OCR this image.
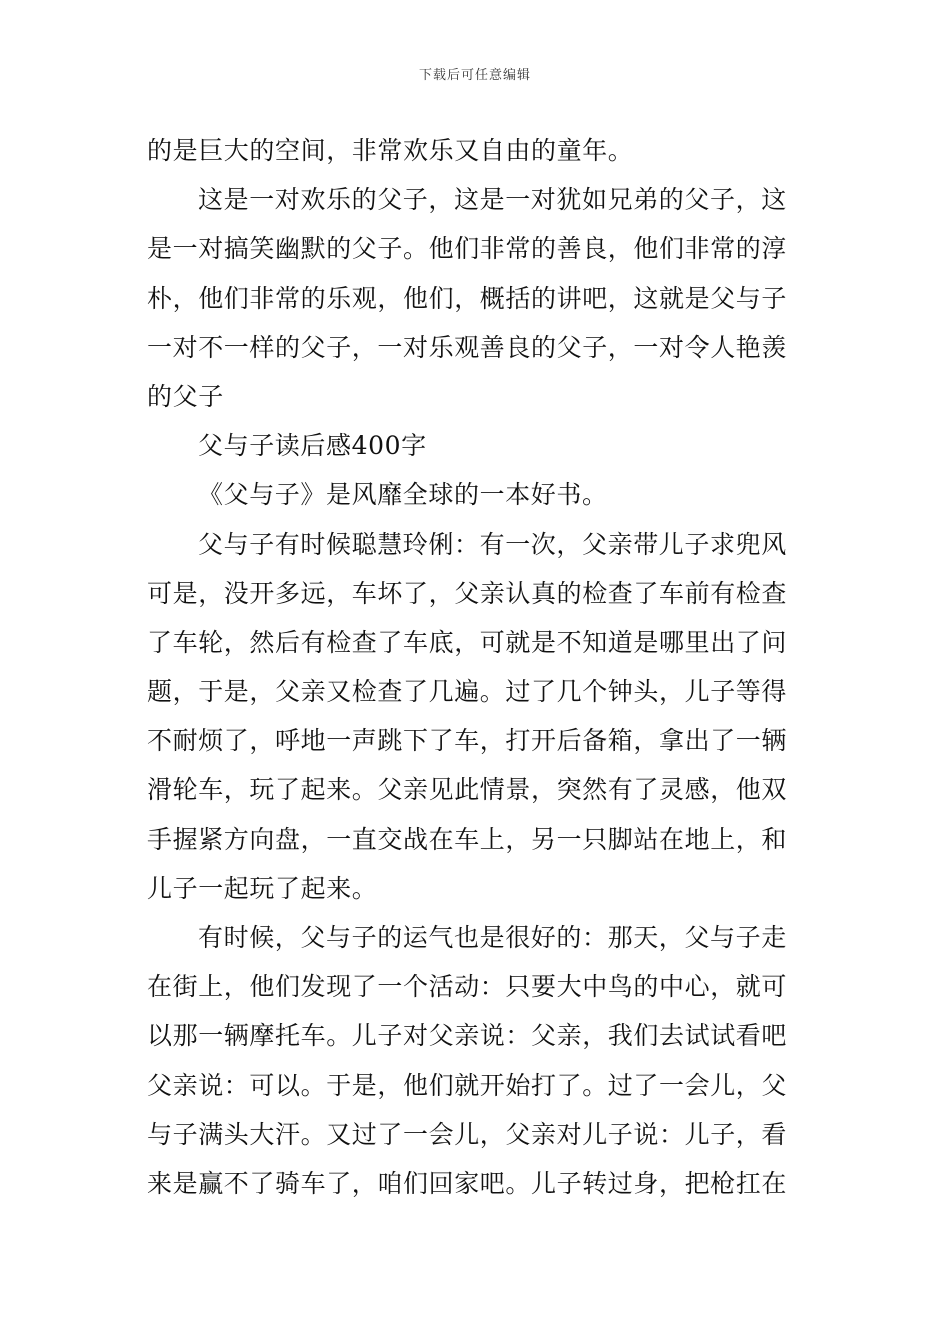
下载后可任意编辑
的是巨大的空间，非常欢乐又自由的童年。
这是一对欢乐的父子，这是一对犹如兄弟的父子，这
是一对搞笑幽默的父子。他们非常的善良，他们非常的淳
朴，他们非常的乐观，他们，概括的讲吧，这就是父与子
一对不一样的父子，一对乐观善良的父子，一对令人艳羡
的父子
父与子读后感400字
《父与子》是风靡全球的一本好书。
父与子有时候聪慧玲俐：有一次，父亲带儿子求兜风
可是，没开多远，车坏了，父亲认真的检查了车前有检查
了车轮，然后有检查了车底，可就是不知道是哪里出了问
题，于是，父亲又检查了几遍。过了几个钟头，儿子等得
不耐烦了，呼地一声跳下了车，打开后备箱，拿出了一辆
滑轮车，玩了起来。父亲见此情景，突然有了灵感，他双
手握紧方向盘，一直交战在车上，另一只脚站在地上，和
儿子一起玩了起来。
有时候，父与子的运气也是很好的：那天，父与子走
在街上，他们发现了一个活动：只要大中鸟的中心，就可
以那一辆摩托车。儿子对父亲说：父亲，我们去试试看吧
父亲说：可以。于是，他们就开始打了。过了一会儿，父
与子满头大汗。又过了一会儿，父亲对儿子说：儿子，看
来是赢不了骑车了，咱们回家吧。儿子转过身，把枪扛在
